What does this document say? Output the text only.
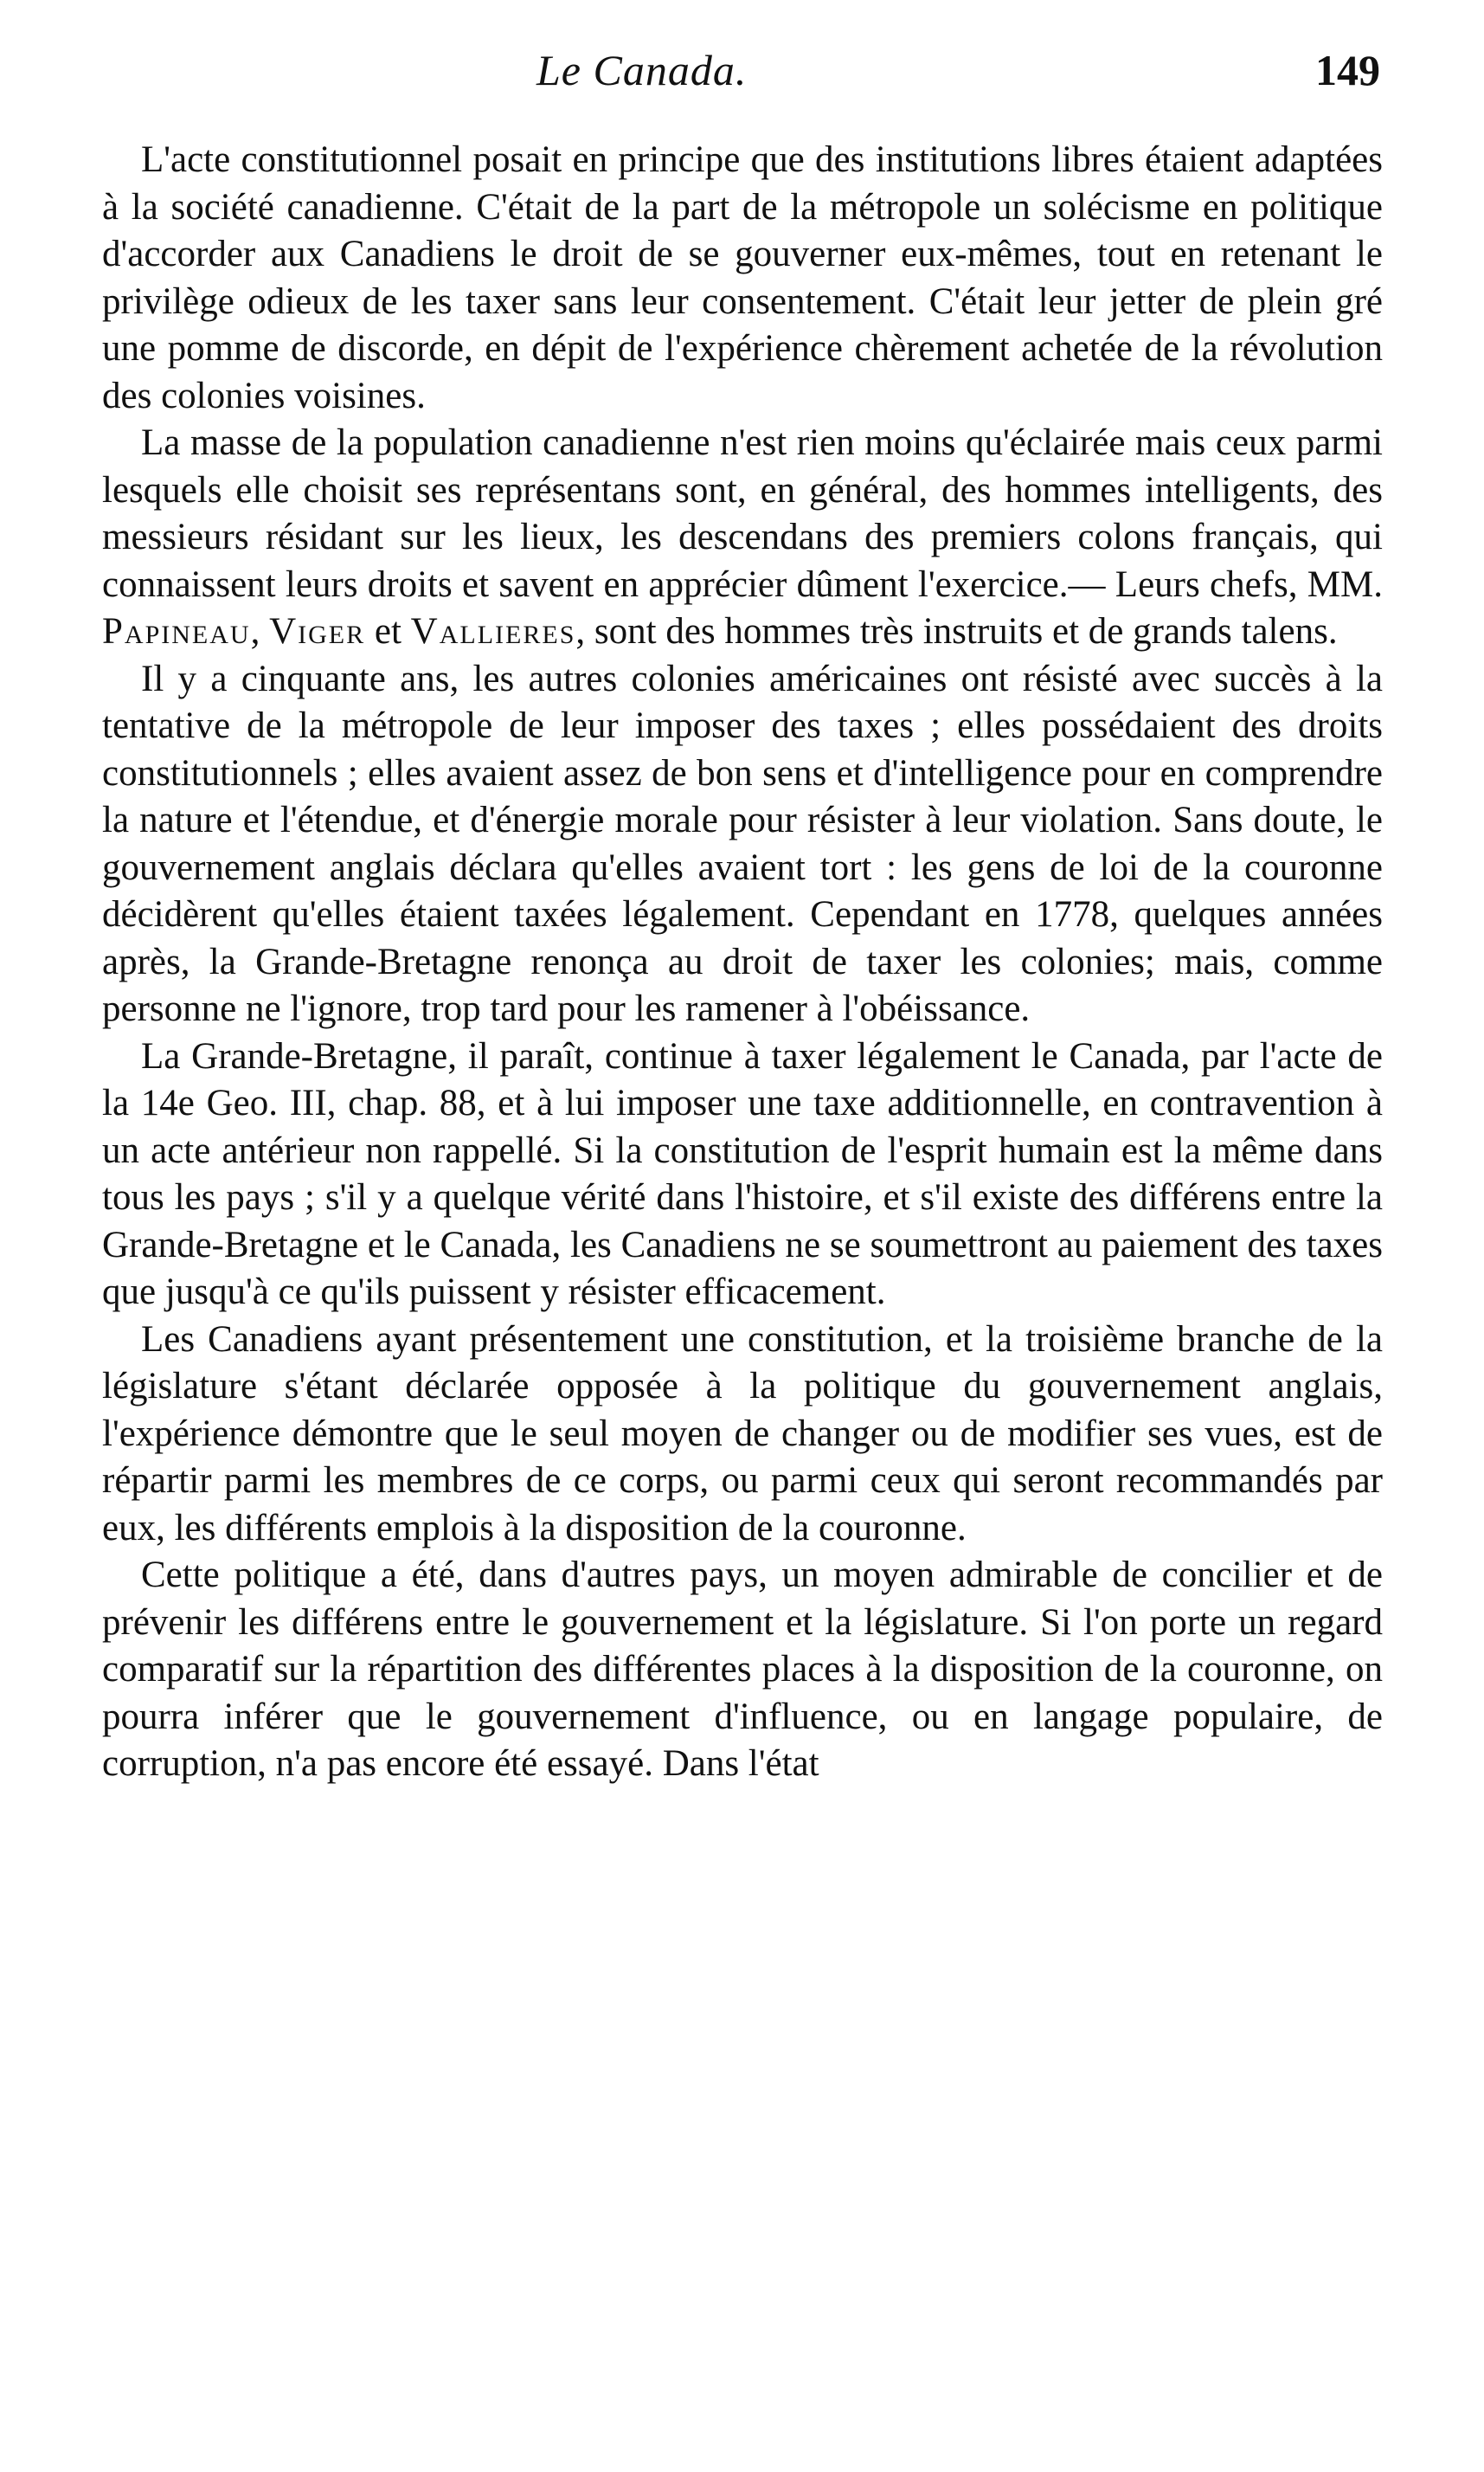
Le Canada.	149

L'acte constitutionnel posait en principe que des institutions libres étaient adaptées à la société canadienne. C'était de la part de la métropole un solécisme en politique d'accorder aux Canadiens le droit de se gouverner eux-mêmes, tout en retenant le privilège odieux de les taxer sans leur consentement. C'était leur jetter de plein gré une pomme de discorde, en dépit de l'expérience chèrement achetée de la révolution des colonies voisines.

La masse de la population canadienne n'est rien moins qu'éclairée mais ceux parmi lesquels elle choisit ses représentans sont, en général, des hommes intelligents, des messieurs résidant sur les lieux, les descendans des premiers colons français, qui connaissent leurs droits et savent en apprécier dûment l'exercice.— Leurs chefs, MM. Papineau, Viger et Vallieres, sont des hommes très instruits et de grands talens.

Il y a cinquante ans, les autres colonies américaines ont résisté avec succès à la tentative de la métropole de leur imposer des taxes ; elles possédaient des droits constitutionnels ; elles avaient assez de bon sens et d'intelligence pour en comprendre la nature et l'étendue, et d'énergie morale pour résister à leur violation. Sans doute, le gouvernement anglais déclara qu'elles avaient tort : les gens de loi de la couronne décidèrent qu'elles étaient taxées légalement. Cependant en 1778, quelques années après, la Grande-Bretagne renonça au droit de taxer les colonies; mais, comme personne ne l'ignore, trop tard pour les ramener à l'obéissance.

La Grande-Bretagne, il paraît, continue à taxer légalement le Canada, par l'acte de la 14e Geo. III, chap. 88, et à lui imposer une taxe additionnelle, en contravention à un acte antérieur non rappellé. Si la constitution de l'esprit humain est la même dans tous les pays ; s'il y a quelque vérité dans l'histoire, et s'il existe des différens entre la Grande-Bretagne et le Canada, les Canadiens ne se soumettront au paiement des taxes que jusqu'à ce qu'ils puissent y résister efficacement.

Les Canadiens ayant présentement une constitution, et la troisième branche de la législature s'étant déclarée opposée à la politique du gouvernement anglais, l'expérience démontre que le seul moyen de changer ou de modifier ses vues, est de répartir parmi les membres de ce corps, ou parmi ceux qui seront recommandés par eux, les différents emplois à la disposition de la couronne.

Cette politique a été, dans d'autres pays, un moyen admirable de concilier et de prévenir les différens entre le gouvernement et la législature. Si l'on porte un regard comparatif sur la répartition des différentes places à la disposition de la couronne, on pourra inférer que le gouvernement d'influence, ou en langage populaire, de corruption, n'a pas encore été essayé. Dans l'état
